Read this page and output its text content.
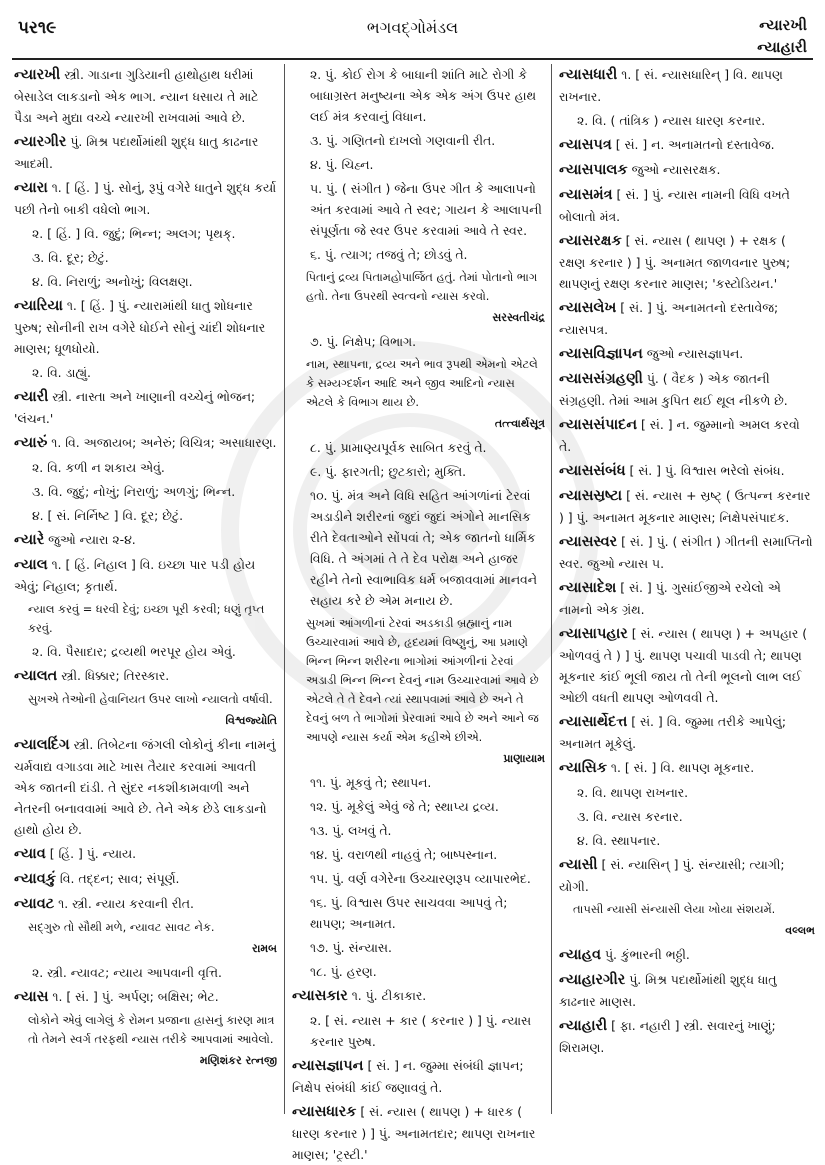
પર૧૯	ભગવદ્ગોમંડલ	ન્યારખી
ન્યાહારી
ન્યારખી સ્ત્રી. ગાડાના ગુડિયાની હાથોહાથ ધરીમાં બેસાડેલ લાકડાનો એક ભાગ. ન્યાન ધસાય તે માટે પૈડા અને મુદ્યા વચ્ચે ન્યારખી રાખવામાં આવે છે.
ન્યારગીર પું. મિશ્ર પદાર્થોમાંથી શુદ્ધ ધાતુ કાઢનાર આદમી.
ન્યારા ૧. [ હિં. ] પું. સોનું, રૂપું વગેરે ધાતુને શુદ્ધ કર્યા પછી તેનો બાકી વધેલો ભાગ.
૨. [ હિં. ] વિ. જુદું; ભિન્ન; અલગ; પૃથક્.
૩. વિ. દૂર; છેટું.
૪. વિ. નિરાળું; અનોખું; વિલક્ષણ.
ન્યારિયા ૧. [ હિં. ] પું. ન્યારામાંથી ધાતુ શોધનાર પુરુષ; સોનીની રાખ વગેરે ધોઈને સોનું ચાંદી શોધનાર માણસ; ધૂળધોયો.
૨. વિ. ડાહ્યું.
ન્યારી સ્ત્રી. નાસ્તા અને ખાણાની વચ્ચેનું ભોજન; 'લંચન.'
ન્યારું ૧. વિ. અજાયબ; અનેરું; વિચિત્ર; અસાધારણ.
૨. વિ. કળી ન શકાય એવું.
૩. વિ. જુદું; નોખું; નિરાળું; અળગું; ભિન્ન.
૪. [ સં. નિર્નિષ્ટ ] વિ. દૂર; છેટું.
ન્યારે જુઓ ન્યારા ૨-૪.
ન્યાલ ૧. [ હિં. નિહાલ ] વિ. ઇચ્છા પાર પડી હોય એવું; નિહાલ; કૃતાર્થ.
ન્યાલ કરવું = ધરવી દેવું; ઇચ્છા પૂરી કરવી; ધણું તૃપ્ત કરવું.
૨. વિ. પૈસાદાર; દ્રવ્યથી ભરપૂર હોય એવું.
ન્યાલત સ્ત્રી. ધિક્કાર; તિરસ્કાર.
સુખએ તેઓની હેવાનિયત ઉપર લાખો ન્યાલતો વર્ષાવી.
વિશ્વજ્યોતિ
ન્યાલદિંગ સ્ત્રી. તિબેટના જંગલી લોકોનું કીના નામનું ચર્મવાદ્ય વગાડવા માટે ખાસ તૈયાર કરવામાં આવતી એક જાતની દાંડી. તે સુંદર નકશીકામવાળી અને નેતરની બનાવવામાં આવે છે. તેને એક છેડે લાકડાનો હાથો હોય છે.
ન્યાવ [ હિં. ] પું. ન્યાય.
ન્યાવકું વિ. તદ્દન; સાવ; સંપૂર્ણ.
ન્યાવટ ૧. સ્ત્રી. ન્યાય કરવાની રીત.
સદ્ગુરુ તો સૌથી મળે, ન્યાવટ સાવટ નેક.
રામબ
૨. સ્ત્રી. ન્યાવટ; ન્યાય આપવાની વૃત્તિ.
ન્યાસ ૧. [ સં. ] પું. અર્પણ; બક્ષિસ; ભેટ.
લોકોને એવું લાગેલું કે રોમન પ્રજાના હ્રાસનું કારણ માત્ર તો તેમને સ્વર્ગ તરફથી ન્યાસ તરીકે આપવામાં આવેલો.
મણિશંકર રત્નજી
૨. પું. કોઈ રોગ કે બાધાની શાંતિ માટે રોગી કે બાધાગ્રસ્ત મનુષ્યના એક એક અંગ ઉપર હાથ લઈ મંત્ર કરવાનું વિધાન.
૩. પું. ગણિતનો દાખલો ગણવાની રીત.
૪. પું. ચિહ્ન.
૫. પું. ( સંગીત ) જેના ઉપર ગીત કે આલાપનો અંત કરવામાં આવે તે સ્વર; ગાયન કે આલાપની સંપૂર્ણતા જે સ્વર ઉપર કરવામાં આવે તે સ્વર.
૬. પું. ત્યાગ; તજવું તે; છોડવું તે.
પિતાનું દ્રવ્ય પિતામહોપાર્જિત હતું. તેમાં પોતાનો ભાગ હતો. તેના ઉપરથી સ્વત્વનો ન્યાસ કરવો.
સરસ્વતીચંદ્ર
૭. પું. નિક્ષેપ; વિભાગ.
નામ, સ્થાપના, દ્રવ્ય અને ભાવ રૂપથી એમનો એટલે કે સમ્યગ્દર્શન આદિ અને જીવ આદિનો ન્યાસ એટલે કે વિભાગ થાય છે.
તત્ત્વાર્થસૂત્ર
૮. પું. પ્રામાણ્યપૂર્વક સાબિત કરવું તે.
૯. પું. ફારગતી; છુટકારો; મુક્તિ.
૧૦. પું. મંત્ર અને વિધિ સહિત આંગળાંનાં ટેરવાં અડાડીને શરીરનાં જુદાં જુદાં અંગોને માનસિક રીતે દેવતાઓને સોંપવાં તે; એક જાતનો ધાર્મિક વિધિ. તે અંગમાં તે તે દેવ પરોક્ષ અને હાજર રહીને તેનો સ્વાભાવિક ધર્મ બજાવવામાં માનવને સહાય કરે છે એમ મનાય છે.
સુખમાં આંગળીનાં ટેરવાં અડકાડી બ્રહ્માનું નામ ઉચ્ચારવામાં આવે છે, હૃદયમાં વિષ્ણુનું, આ પ્રમાણે ભિન્ન ભિન્ન શરીરના ભાગોમાં આંગળીનાં ટેરવાં અડાડી ભિન્ન ભિન્ન દેવનું નામ ઉચ્ચારવામાં આવે છે એટલે તે તે દેવને ત્યાં સ્થાપવામાં આવે છે અને તે દેવનું બળ તે ભાગોમાં પ્રેરવામાં આવે છે અને આને જ આપણે ન્યાસ કર્યા એમ કહીએ છીએ.
પ્રાણાયામ
૧૧. પું. મૂકવું તે; સ્થાપન.
૧૨. પું. મૂકેલું એવું જે તે; સ્થાપ્ય દ્રવ્ય.
૧૩. પું. લખવું તે.
૧૪. પું. વરાળથી નાહવું તે; બાષ્પસ્નાન.
૧૫. પું. વર્ણ વગેરેના ઉચ્ચારણરૂપ વ્યાપારભેદ.
૧૬. પું. વિશ્વાસ ઉપર સાચવવા આપવું તે; થાપણ; અનામત.
૧૭. પું. સંન્યાસ.
૧૮. પું. હરણ.
ન્યાસકાર ૧. પું. ટીકાકાર.
૨. [ સં. ન્યાસ + કાર ( કરનાર ) ] પું. ન્યાસ કરનાર પુરુષ.
ન્યાસજ્ઞાપન [ સં. ] ન. જુમ્મા સંબંધી જ્ઞાપન; નિક્ષેપ સંબંધી કાંઈ જણાવવું તે.
ન્યાસધારક [ સં. ન્યાસ ( થાપણ ) + ધારક ( ધારણ કરનાર ) ] પું. અનામતદાર; થાપણ રાખનાર માણસ; 'ટ્રસ્ટી.'
ન્યાસધારી ૧. [ સં. ન્યાસધારિન્ ] વિ. થાપણ રાખનાર.
૨. વિ. ( તાંત્રિક ) ન્યાસ ધારણ કરનાર.
ન્યાસપત્ર [ સં. ] ન. અનામતનો દસ્તાવેજ.
ન્યાસપાલક જુઓ ન્યાસરક્ષક.
ન્યાસમંત્ર [ સં. ] પું. ન્યાસ નામની વિધિ વખતે બોલાતો મંત્ર.
ન્યાસરક્ષક [ સં. ન્યાસ ( થાપણ ) + રક્ષક ( રક્ષણ કરનાર ) ] પું. અનામત જાળવનાર પુરુષ; થાપણનું રક્ષણ કરનાર માણસ; 'કસ્ટોડિયન.'
ન્યાસલેખ [ સં. ] પું. અનામતનો દસ્તાવેજ; ન્યાસપત્ર.
ન્યાસવિજ્ઞાપન જુઓ ન્યાસજ્ઞાપન.
ન્યાસસંગ્રહણી પું. ( વૈદક ) એક જાતની સંગ્રહણી. તેમાં આમ કુપિત થઈ થૂલ નીકળે છે.
ન્યાસસંપાદન [ સં. ] ન. જુમ્માનો અમલ કરવો તે.
ન્યાસસંબંધ [ સં. ] પું. વિશ્વાસ ભરેલો સંબંધ.
ન્યાસસ્રષ્ટા [ સં. ન્યાસ + સ્રષ્ટ્ ( ઉત્પન્ન કરનાર ) ] પું. અનામત મૂકનાર માણસ; નિક્ષેપસંપાદક.
ન્યાસસ્વર [ સં. ] પું. ( સંગીત ) ગીતની સમાપ્તિનો સ્વર. જુઓ ન્યાસ ૫.
ન્યાસાદેશ [ સં. ] પું. ગુસાંઈજીએ રચેલો એ નામનો એક ગ્રંથ.
ન્યાસાપહાર [ સં. ન્યાસ ( થાપણ ) + અપહાર ( ઓળવવું તે ) ] પું. થાપણ પચાવી પાડવી તે; થાપણ મૂકનાર કાંઈ ભૂલી જાય તો તેની ભૂલનો લાભ લઈ ઓછી વધતી થાપણ ઓળવવી તે.
ન્યાસાર્થેદત્ત [ સં. ] વિ. જુમ્મા તરીકે આપેલું; અનામત મૂકેલું.
ન્યાસિક ૧. [ સં. ] વિ. થાપણ મૂકનાર.
૨. વિ. થાપણ રાખનાર.
૩. વિ. ન્યાસ કરનાર.
૪. વિ. સ્થાપનાર.
ન્યાસી [ સં. ન્યાસિન્ ] પું. સંન્યાસી; ત્યાગી; યોગી.
તાપસી ન્યાસી સંન્યાસી લેયા ખોયા સંશયમેં.
વલ્લભ
ન્યાહવ પું. કુંભારની ભઠ્ઠી.
ન્યાહારગીર પું. મિશ્ર પદાર્થોમાંથી શુદ્ધ ધાતુ કાઢનાર માણસ.
ન્યાહારી [ ફા. નહારી ] સ્ત્રી. સવારનું ખાણું; શિરામણ.
